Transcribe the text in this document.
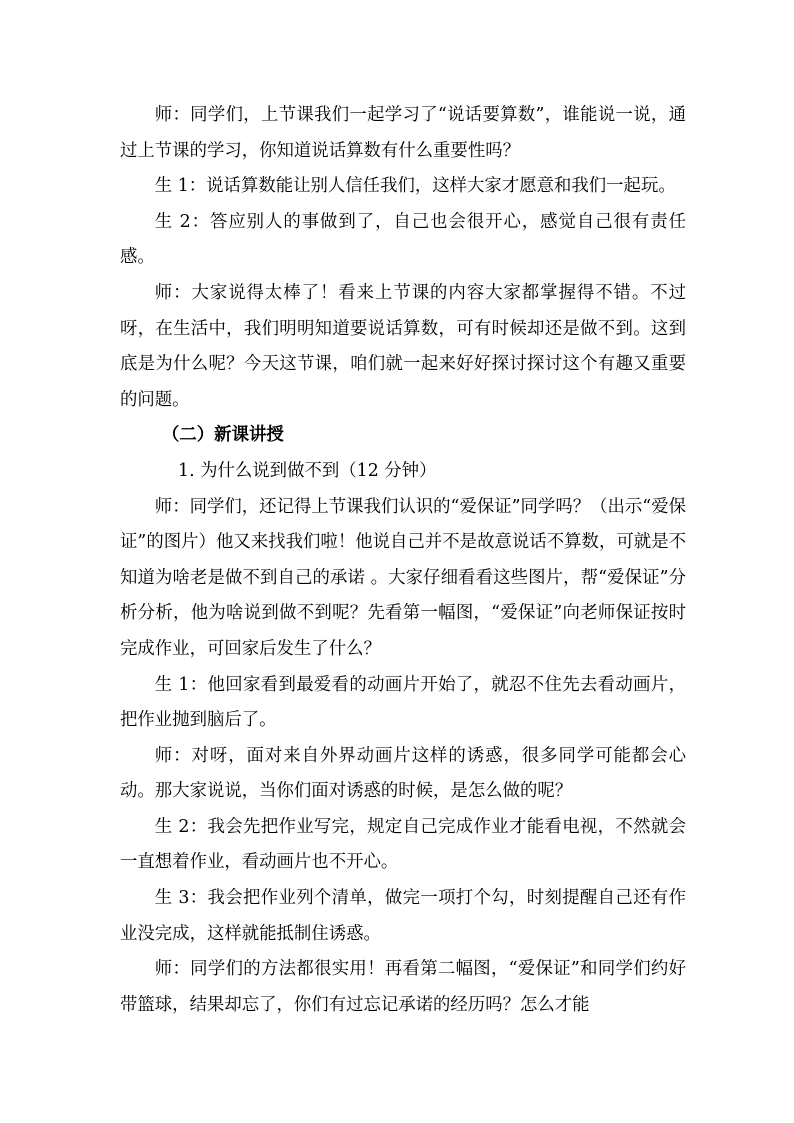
师：同学们，上节课我们一起学习了“说话要算数”，谁能说一说，通过上节课的学习，你知道说话算数有什么重要性吗？

生 1：说话算数能让别人信任我们，这样大家才愿意和我们一起玩。

生 2：答应别人的事做到了，自己也会很开心，感觉自己很有责任感。

师：大家说得太棒了！看来上节课的内容大家都掌握得不错。不过呀，在生活中，我们明明知道要说话算数，可有时候却还是做不到。这到底是为什么呢？今天这节课，咱们就一起来好好探讨探讨这个有趣又重要的问题。

（二）新课讲授

1. 为什么说到做不到（12 分钟）

师：同学们，还记得上节课我们认识的“爱保证”同学吗？（出示“爱保证”的图片）他又来找我们啦！他说自己并不是故意说话不算数，可就是不知道为啥老是做不到自己的承诺 。大家仔细看看这些图片，帮“爱保证”分析分析，他为啥说到做不到呢？先看第一幅图，“爱保证”向老师保证按时完成作业，可回家后发生了什么？

生 1：他回家看到最爱看的动画片开始了，就忍不住先去看动画片，把作业抛到脑后了。

师：对呀，面对来自外界动画片这样的诱惑，很多同学可能都会心动。那大家说说，当你们面对诱惑的时候，是怎么做的呢？

生 2：我会先把作业写完，规定自己完成作业才能看电视，不然就会一直想着作业，看动画片也不开心。

生 3：我会把作业列个清单，做完一项打个勾，时刻提醒自己还有作业没完成，这样就能抵制住诱惑。

师：同学们的方法都很实用！再看第二幅图，“爱保证”和同学们约好带篮球，结果却忘了，你们有过忘记承诺的经历吗？怎么才能
